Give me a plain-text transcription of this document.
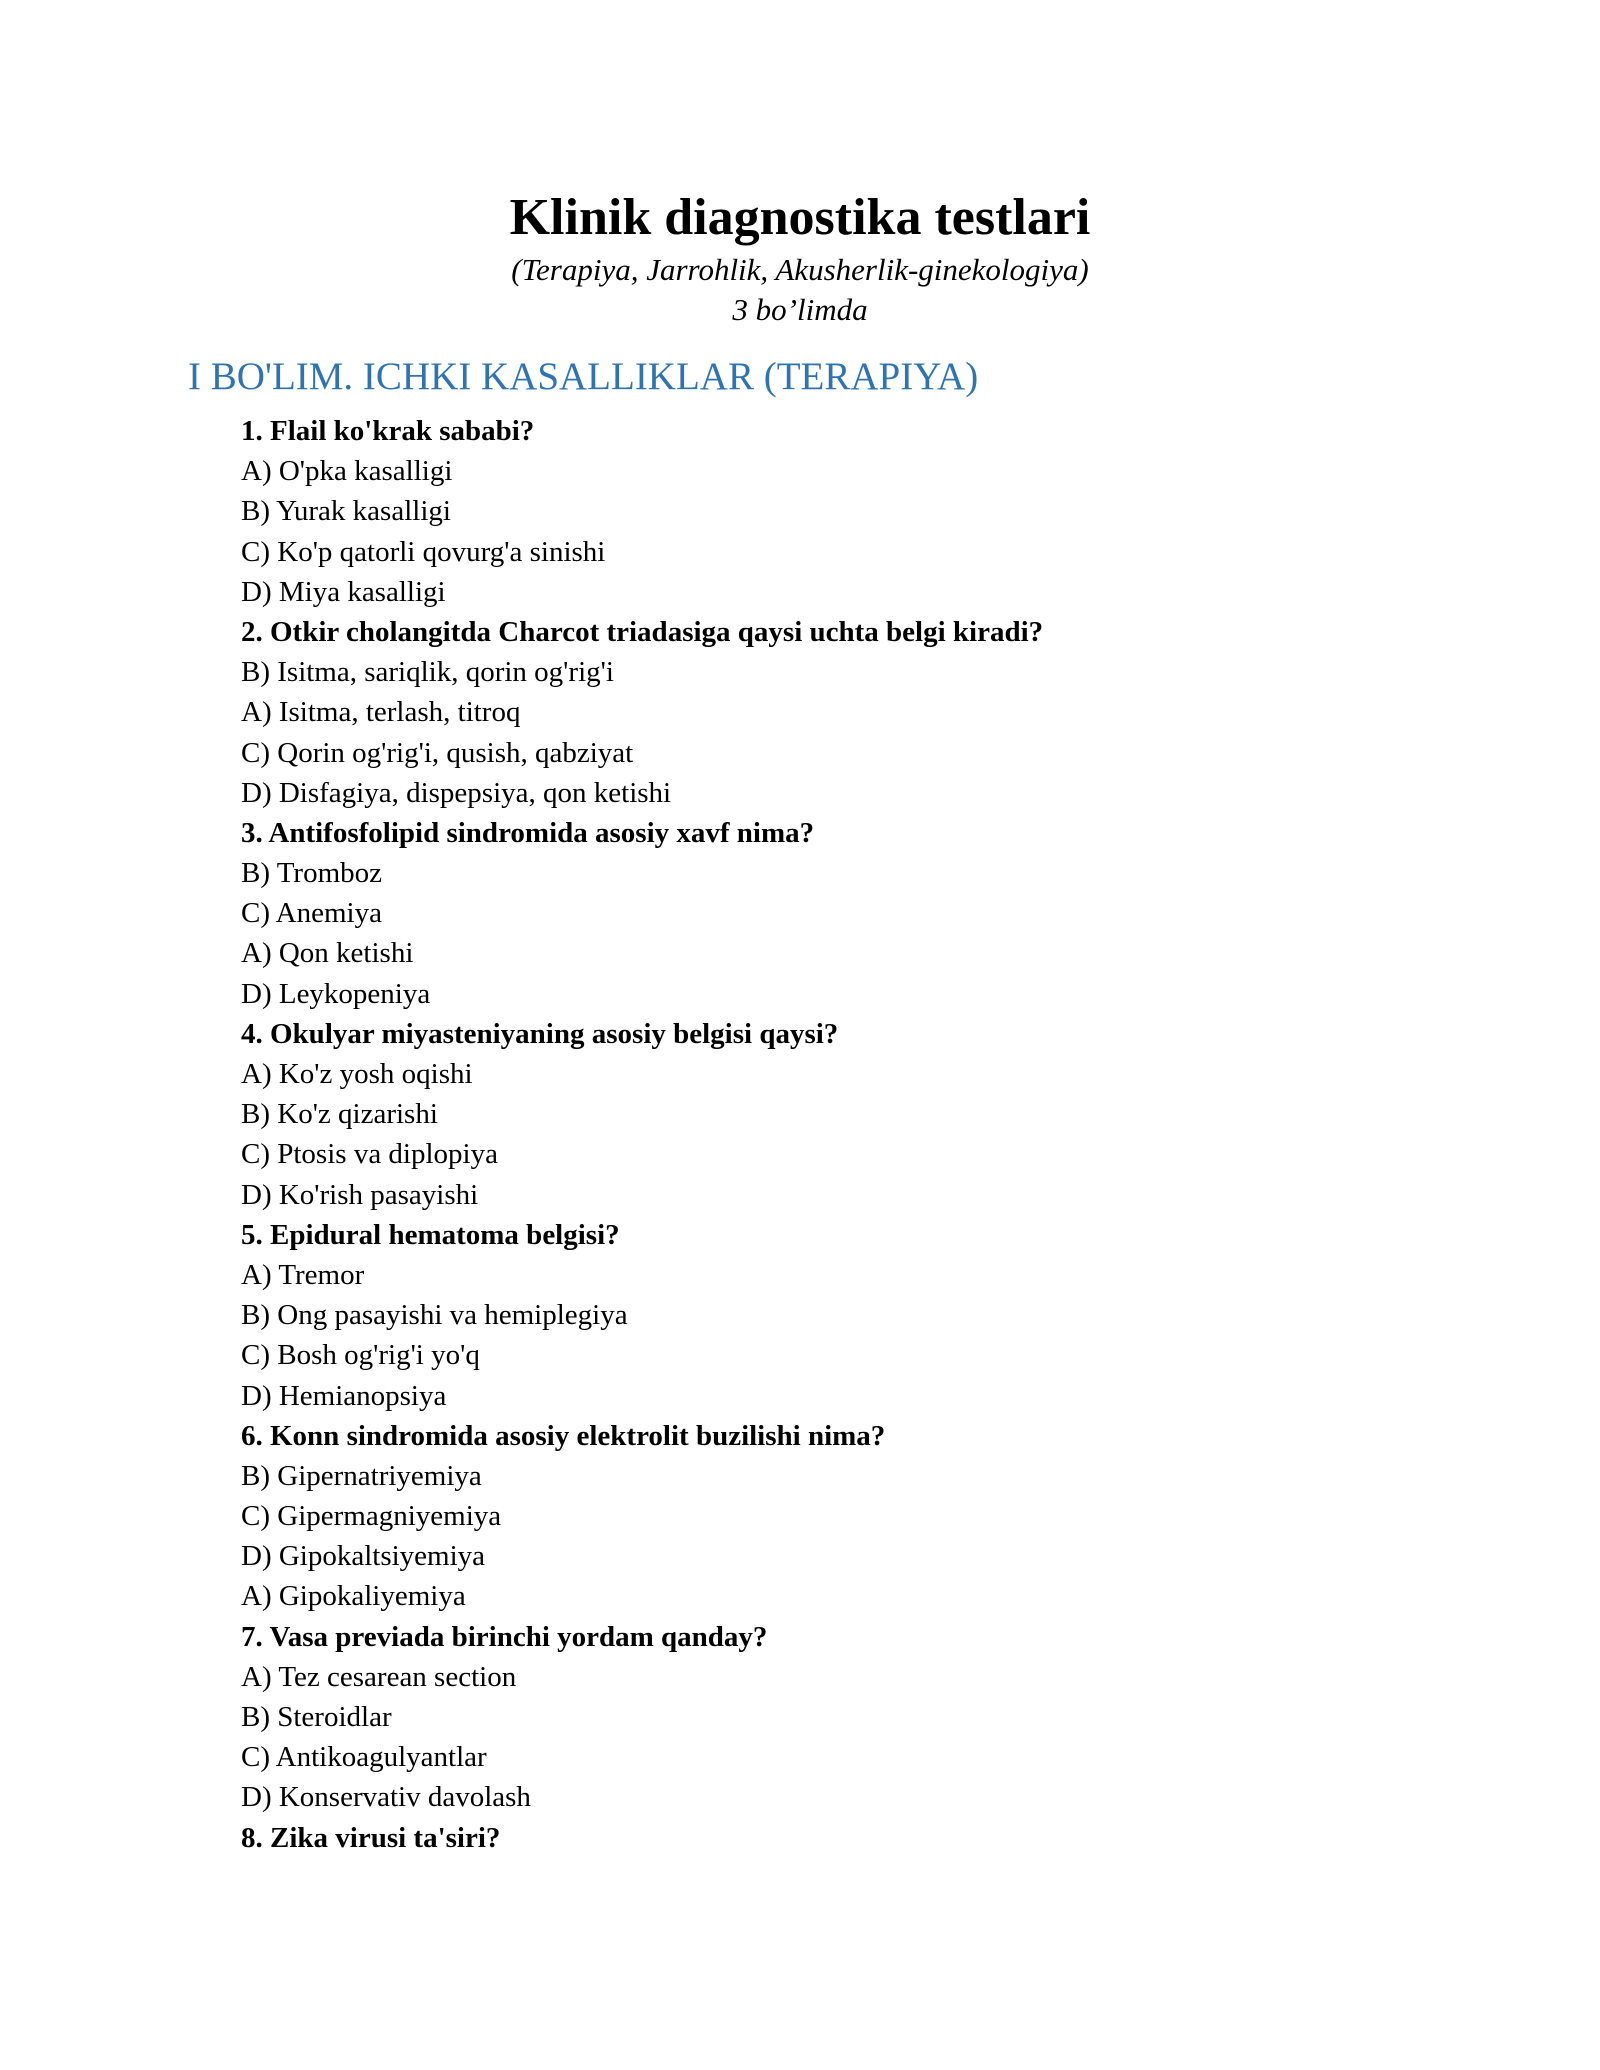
Klinik diagnostika testlari

(Terapiya, Jarrohlik, Akusherlik-ginekologiya)

3 bo’limda

I BO'LIM. ICHKI KASALLIKLAR (TERAPIYA)
1. Flail ko'krak sababi?
A) O'pka kasalligi
B) Yurak kasalligi
C) Ko'p qatorli qovurg'a sinishi
D) Miya kasalligi
2. Otkir cholangitda Charcot triadasiga qaysi uchta belgi kiradi?
B) Isitma, sariqlik, qorin og'rig'i
A) Isitma, terlash, titroq
C) Qorin og'rig'i, qusish, qabziyat
D) Disfagiya, dispepsiya, qon ketishi
3. Antifosfolipid sindromida asosiy xavf nima?
B) Tromboz
C) Anemiya
A) Qon ketishi
D) Leykopeniya
4. Okulyar miyasteniyaning asosiy belgisi qaysi?
A) Ko'z yosh oqishi
B) Ko'z qizarishi
C) Ptosis va diplopiya
D) Ko'rish pasayishi
5. Epidural hematoma belgisi?
A) Tremor
B) Ong pasayishi va hemiplegiya
C) Bosh og'rig'i yo'q
D) Hemianopsiya
6. Konn sindromida asosiy elektrolit buzilishi nima?
B) Gipernatriyemiya
C) Gipermagniyemiya
D) Gipokaltsiyemiya
A) Gipokaliyemiya
7. Vasa previada birinchi yordam qanday?
A) Tez cesarean section
B) Steroidlar
C) Antikoagulyantlar
D) Konservativ davolash
8. Zika virusi ta'siri?
